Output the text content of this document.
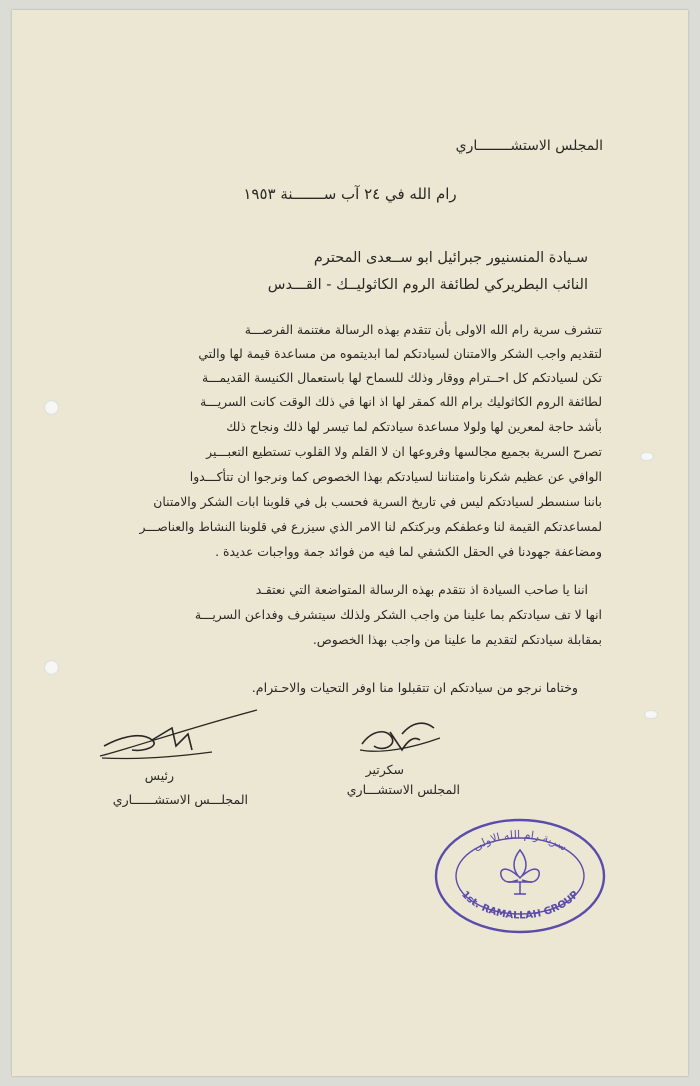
المجلس الاستشــــــــاري
رام الله في ٢٤ آب ســـــــنة ١٩٥٣
سـيادة المنسنيور جبرائيل ابو ســعدى المحترم
النائب البطريركي لطائفة الروم الكاثوليــك - القـــدس
تتشرف سرية رام الله الاولى بأن تتقدم بهذه الرسالة مغتنمة الفرصـــة
لتقديم واجب الشكر والامتنان لسيادتكم لما ابديتموه من مساعدة قيمة لها والتي
تكن لسيادتكم كل احــترام ووقار وذلك للسماح لها باستعمال الكنيسة القديمـــة
لطائفة الروم الكاثوليك برام الله كمقر لها اذ انها في ذلك الوقت كانت السريـــة
بأشد حاجة لمعرين لها ولولا مساعدة سيادتكم لما تيسر لها ذلك ونجاح ذلك
تصرح السرية بجميع مجالسها وفروعها ان لا القلم ولا القلوب تستطيع التعبـــير
الوافي عن عظيم شكرنا وامتناننا لسيادتكم بهذا الخصوص كما ونرجوا ان تتأكـــدوا
باننا سنسطر لسيادتكم ليس في تاريخ السرية فحسب بل في قلوبنا ابات الشكر والامتنان
لمساعدتكم القيمة لنا وعطفكم وبركتكم لنا الامر الذي سيزرع في قلوبنا النشاط والعناصـــر
ومضاعفة جهودنا في الحقل الكشفي لما فيه من فوائد جمة وواجبات عديدة .
اننا يا صاحب السيادة اذ نتقدم بهذه الرسالة المتواضعة التي نعتقـد
انها لا تف سيادتكم بما علينا من واجب الشكر ولذلك سيتشرف وفداعن السريـــة
بمقابلة سيادتكم لتقديم ما علينا من واجب بهذا الخصوص.
وختاما نرجو من سيادتكم ان تتقبلوا منا اوفر التحيات والاحـترام.
سكرتير
المجلس الاستشـــاري
رئيس
المجلـــس الاستشــــــاري
سرية رام الله الاولى
1st. RAMALLAH GROUP
